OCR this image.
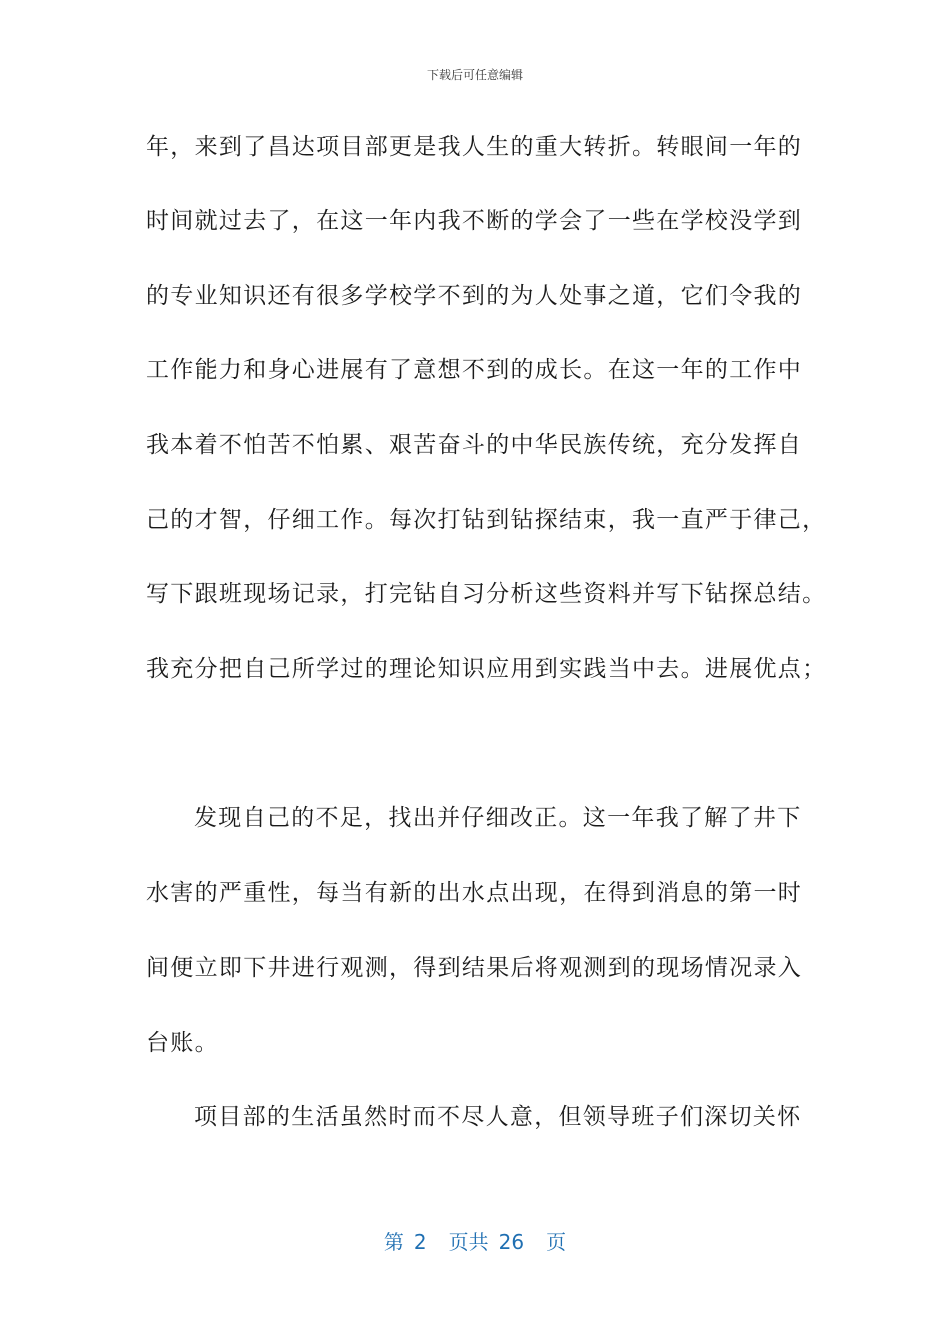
下载后可任意编辑
年，来到了昌达项目部更是我人生的重大转折。转眼间一年的
时间就过去了，在这一年内我不断的学会了一些在学校没学到
的专业知识还有很多学校学不到的为人处事之道，它们令我的
工作能力和身心进展有了意想不到的成长。在这一年的工作中
我本着不怕苦不怕累、艰苦奋斗的中华民族传统，充分发挥自
己的才智，仔细工作。每次打钻到钻探结束，我一直严于律己，
写下跟班现场记录，打完钻自习分析这些资料并写下钻探总结。
我充分把自己所学过的理论知识应用到实践当中去。进展优点；
发现自己的不足，找出并仔细改正。这一年我了解了井下
水害的严重性，每当有新的出水点出现，在得到消息的第一时
间便立即下井进行观测，得到结果后将观测到的现场情况录入
台账。
项目部的生活虽然时而不尽人意，但领导班子们深切关怀
第 2 页共 26 页
